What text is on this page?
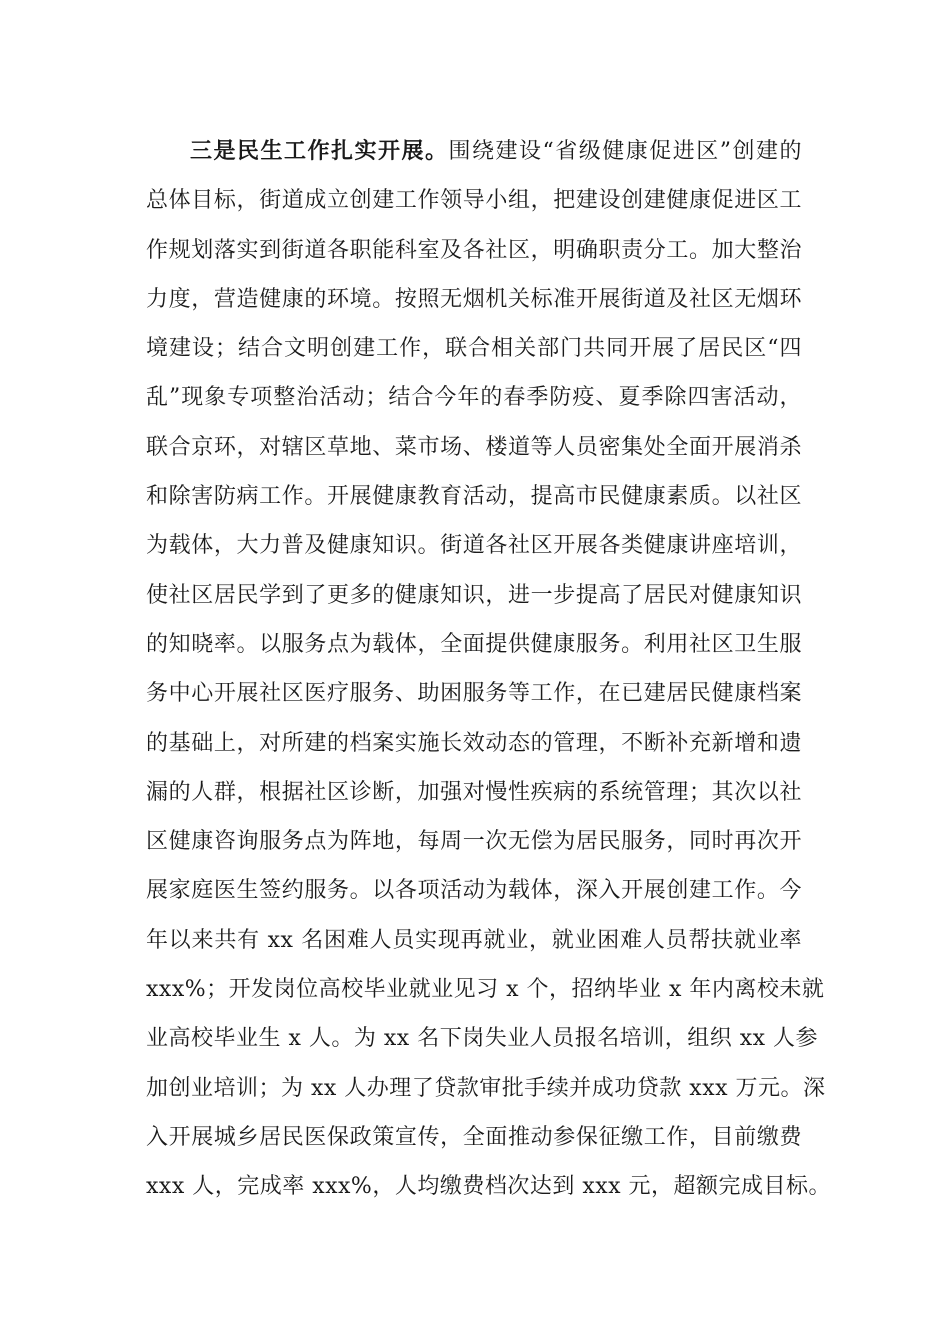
三是民生工作扎实开展。围绕建设“省级健康促进区”创建的
总体目标，街道成立创建工作领导小组，把建设创建健康促进区工
作规划落实到街道各职能科室及各社区，明确职责分工。加大整治
力度，营造健康的环境。按照无烟机关标准开展街道及社区无烟环
境建设；结合文明创建工作，联合相关部门共同开展了居民区“四
乱”现象专项整治活动；结合今年的春季防疫、夏季除四害活动，
联合京环，对辖区草地、菜市场、楼道等人员密集处全面开展消杀
和除害防病工作。开展健康教育活动，提高市民健康素质。以社区
为载体，大力普及健康知识。街道各社区开展各类健康讲座培训，
使社区居民学到了更多的健康知识，进一步提高了居民对健康知识
的知晓率。以服务点为载体，全面提供健康服务。利用社区卫生服
务中心开展社区医疗服务、助困服务等工作，在已建居民健康档案
的基础上，对所建的档案实施长效动态的管理，不断补充新增和遗
漏的人群，根据社区诊断，加强对慢性疾病的系统管理；其次以社
区健康咨询服务点为阵地，每周一次无偿为居民服务，同时再次开
展家庭医生签约服务。以各项活动为载体，深入开展创建工作。今
年以来共有 xx 名困难人员实现再就业，就业困难人员帮扶就业率
xxx%；开发岗位高校毕业就业见习 x 个，招纳毕业 x 年内离校未就
业高校毕业生 x 人。为 xx 名下岗失业人员报名培训，组织 xx 人参
加创业培训；为 xx 人办理了贷款审批手续并成功贷款 xxx 万元。深
入开展城乡居民医保政策宣传，全面推动参保征缴工作，目前缴费
xxx 人，完成率 xxx%，人均缴费档次达到 xxx 元，超额完成目标。
